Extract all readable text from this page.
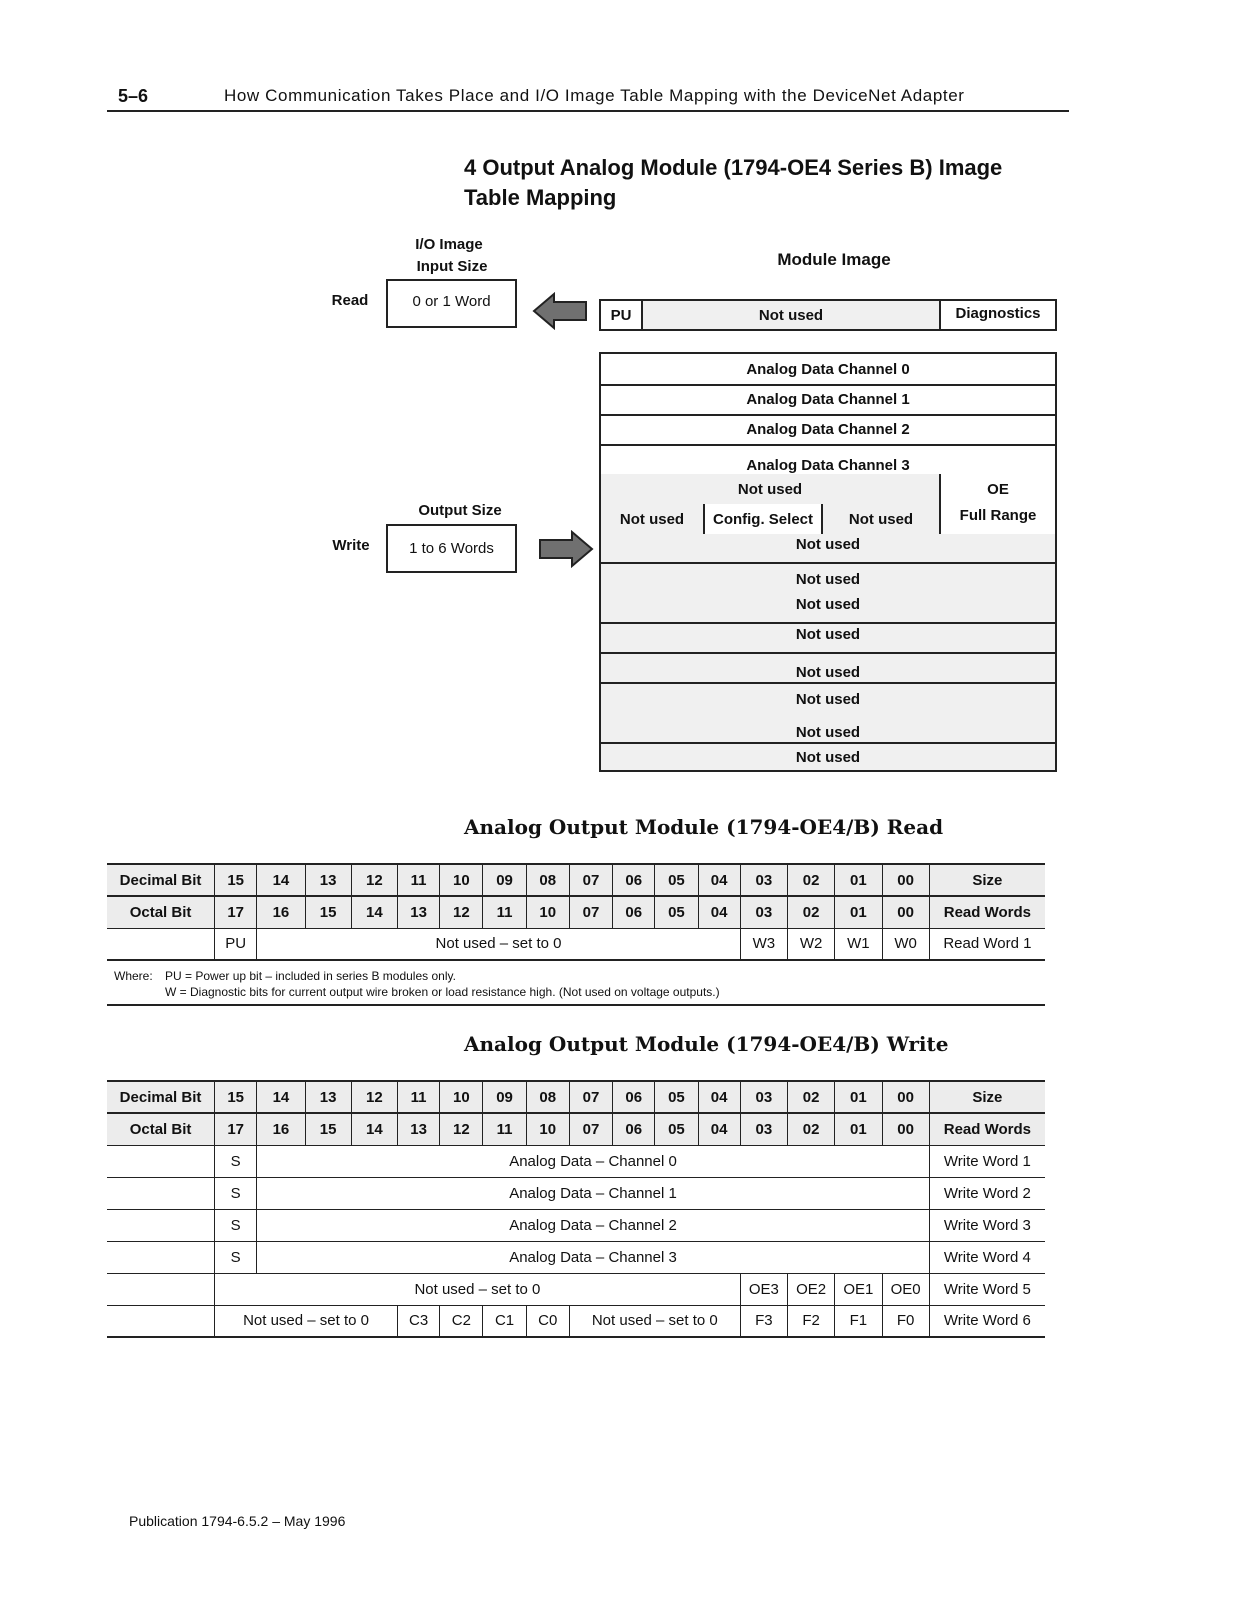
5–6	How Communication Takes Place and I/O Image Table Mapping with the DeviceNet Adapter
4 Output Analog Module (1794-OE4 Series B) Image Table Mapping
I/O Image
Input Size	Module Image
Read	0 or 1 Word
PU	Not used	Diagnostics
Output Size
Write	1 to 6 Words
Analog Data Channel 0
Analog Data Channel 1
Analog Data Channel 2
Analog Data Channel 3
Not used	OE
Not used	Config. Select	Not used	Full Range
Not used
Not used
Not used
Not used
Not used
Not used
Not used
Not used
Analog Output Module (1794-OE4/B) Read
Decimal Bit	15	14	13	12	11	10	09	08	07	06	05	04	03	02	01	00	Size
Octal Bit	17	16	15	14	13	12	11	10	07	06	05	04	03	02	01	00	Read Words
	PU	Not used – set to 0											W3	W2	W1	W0	Read Word 1
Where: PU = Power up bit – included in series B modules only.
W = Diagnostic bits for current output wire broken or load resistance high. (Not used on voltage outputs.)
Analog Output Module (1794-OE4/B) Write
Decimal Bit	15	14	13	12	11	10	09	08	07	06	05	04	03	02	01	00	Size
Octal Bit	17	16	15	14	13	12	11	10	07	06	05	04	03	02	01	00	Read Words
	S	Analog Data – Channel 0															Write Word 1
	S	Analog Data – Channel 1															Write Word 2
	S	Analog Data – Channel 2															Write Word 3
	S	Analog Data – Channel 3															Write Word 4
	Not used – set to 0												OE3	OE2	OE1	OE0	Write Word 5
	Not used – set to 0				C3	C2	C1	C0	Not used – set to 0				F3	F2	F1	F0	Write Word 6
Publication 1794-6.5.2 – May 1996
